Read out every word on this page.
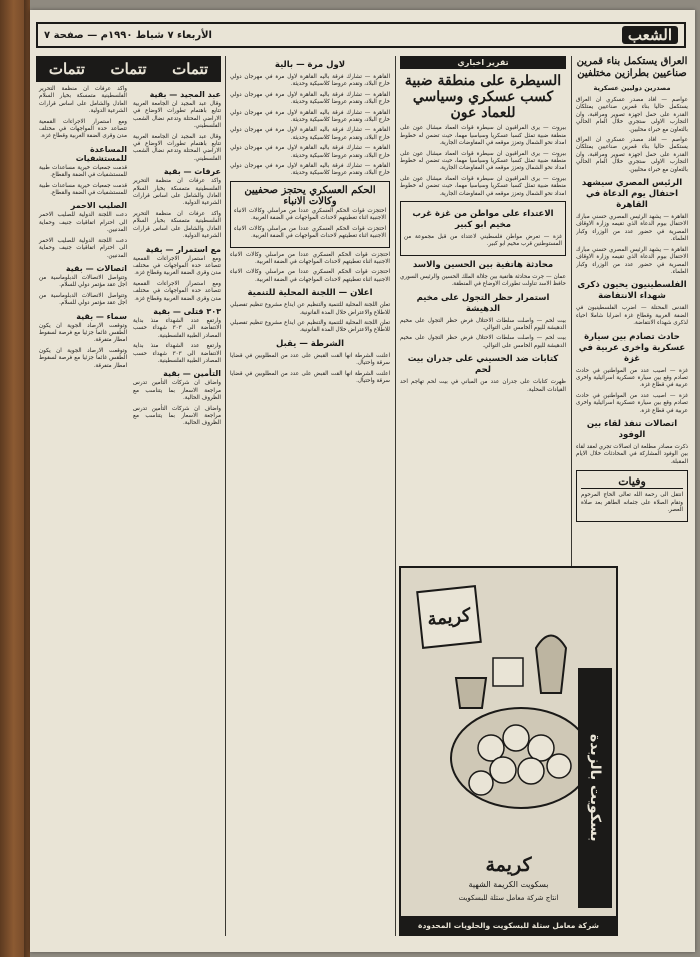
الشعب
الأربعاء ٧ شباط ١٩٩٠م — صفحة ٧
العراق يستكمل بناء قمرين صناعيين بطرازين مختلفين
مصدرين دوليين عسكرية

عواصم — افاد مصدر عسكري ان العراق يستكمل حاليا بناء قمرين صناعيين يمتلكان القدرة على حمل اجهزة تصوير ومراقبة، وان التجارب الاولى ستجري خلال العام الحالي بالتعاون مع خبراء محليين.

عواصم — افاد مصدر عسكري ان العراق يستكمل حاليا بناء قمرين صناعيين يمتلكان القدرة على حمل اجهزة تصوير ومراقبة، وان التجارب الاولى ستجري خلال العام الحالي بالتعاون مع خبراء محليين.

الرئيس المصري سيشهد احتفال يوم الدعاة في القاهرة

القاهرة — يشهد الرئيس المصري حسني مبارك الاحتفال بيوم الدعاة الذي تقيمه وزارة الاوقاف المصرية في حضور عدد من الوزراء وكبار العلماء.

القاهرة — يشهد الرئيس المصري حسني مبارك الاحتفال بيوم الدعاة الذي تقيمه وزارة الاوقاف المصرية في حضور عدد من الوزراء وكبار العلماء.

الفلسطينيون يحيون ذكرى شهداء الانتفاضة

القدس المحتلة — اضرب الفلسطينيون في الضفة الغربية وقطاع غزة اضرابا شاملا احياء لذكرى شهداء الانتفاضة.

حادث تصادم بين سيارة عسكرية واخرى عربية في غزة

غزة — اصيب عدد من المواطنين في حادث تصادم وقع بين سيارة عسكرية اسرائيلية واخرى عربية في قطاع غزة.

غزة — اصيب عدد من المواطنين في حادث تصادم وقع بين سيارة عسكرية اسرائيلية واخرى عربية في قطاع غزة.

اتصالات تنفذ لقاء بين الوفود

ذكرت مصادر مطلعة ان اتصالات تجري لعقد لقاء بين الوفود المشاركة في المحادثات خلال الايام المقبلة.

وفيات

انتقل الى رحمة الله تعالى الحاج المرحوم وتقام الصلاة على جثمانه الطاهر بعد صلاة العصر.

تقرير اخباري
السيطرة على منطقة ضبية كسب عسكري وسياسي للعماد عون

بيروت — يرى المراقبون ان سيطرة قوات العماد ميشال عون على منطقة ضبية تمثل كسبا عسكريا وسياسيا مهما، حيث تضمن له خطوط امداد نحو الشمال وتعزز موقعه في المفاوضات الجارية.

بيروت — يرى المراقبون ان سيطرة قوات العماد ميشال عون على منطقة ضبية تمثل كسبا عسكريا وسياسيا مهما، حيث تضمن له خطوط امداد نحو الشمال وتعزز موقعه في المفاوضات الجارية.

بيروت — يرى المراقبون ان سيطرة قوات العماد ميشال عون على منطقة ضبية تمثل كسبا عسكريا وسياسيا مهما، حيث تضمن له خطوط امداد نحو الشمال وتعزز موقعه في المفاوضات الجارية.

الاعتداء على مواطن من غزة غرب مخيم ابو كبير

غزة — تعرض مواطن فلسطيني لاعتداء من قبل مجموعة من المستوطنين قرب مخيم ابو كبير.

محادثة هاتفية بين الحسين والاسد

عمان — جرت محادثة هاتفية بين جلالة الملك الحسين والرئيس السوري حافظ الاسد تناولت تطورات الاوضاع في المنطقة.

استمرار حظر التجول على مخيم الدهيشة

بيت لحم — واصلت سلطات الاحتلال فرض حظر التجول على مخيم الدهيشة لليوم الخامس على التوالي.

بيت لحم — واصلت سلطات الاحتلال فرض حظر التجول على مخيم الدهيشة لليوم الخامس على التوالي.

كتابات ضد الحسيني على جدران بيت لحم

ظهرت كتابات على جدران عدد من المباني في بيت لحم تهاجم احد القيادات المحلية.

لاول مرة — بالية

القاهرة — تشارك فرقة باليه القاهرة لاول مرة في مهرجان دولي خارج البلاد، وتقدم عروضا كلاسيكية وحديثة.

القاهرة — تشارك فرقة باليه القاهرة لاول مرة في مهرجان دولي خارج البلاد، وتقدم عروضا كلاسيكية وحديثة.

القاهرة — تشارك فرقة باليه القاهرة لاول مرة في مهرجان دولي خارج البلاد، وتقدم عروضا كلاسيكية وحديثة.

القاهرة — تشارك فرقة باليه القاهرة لاول مرة في مهرجان دولي خارج البلاد، وتقدم عروضا كلاسيكية وحديثة.

القاهرة — تشارك فرقة باليه القاهرة لاول مرة في مهرجان دولي خارج البلاد، وتقدم عروضا كلاسيكية وحديثة.

القاهرة — تشارك فرقة باليه القاهرة لاول مرة في مهرجان دولي خارج البلاد، وتقدم عروضا كلاسيكية وحديثة.

الحكم العسكري يحتجز صحفيين وكالات الانباء

احتجزت قوات الحكم العسكري عددا من مراسلي وكالات الانباء الاجنبية اثناء تغطيتهم لاحداث المواجهات في الضفة الغربية.

احتجزت قوات الحكم العسكري عددا من مراسلي وكالات الانباء الاجنبية اثناء تغطيتهم لاحداث المواجهات في الضفة الغربية.

احتجزت قوات الحكم العسكري عددا من مراسلي وكالات الانباء الاجنبية اثناء تغطيتهم لاحداث المواجهات في الضفة الغربية.

احتجزت قوات الحكم العسكري عددا من مراسلي وكالات الانباء الاجنبية اثناء تغطيتهم لاحداث المواجهات في الضفة الغربية.

اعلان — اللجنة المحلية للتنمية

تعلن اللجنة المحلية للتنمية والتنظيم عن ايداع مشروع تنظيم تفصيلي للاطلاع والاعتراض خلال المدة القانونية.

تعلن اللجنة المحلية للتنمية والتنظيم عن ايداع مشروع تنظيم تفصيلي للاطلاع والاعتراض خلال المدة القانونية.

الشرطة — يقبل

اعلنت الشرطة انها القت القبض على عدد من المطلوبين في قضايا سرقة واحتيال.

اعلنت الشرطة انها القت القبض على عدد من المطلوبين في قضايا سرقة واحتيال.

تتمات
تتمات
تتمات
عبد المجيد — بقية

وقال عبد المجيد ان الجامعة العربية تتابع باهتمام تطورات الاوضاع في الاراضي المحتلة وتدعم نضال الشعب الفلسطيني.

وقال عبد المجيد ان الجامعة العربية تتابع باهتمام تطورات الاوضاع في الاراضي المحتلة وتدعم نضال الشعب الفلسطيني.

عرفات — بقية

واكد عرفات ان منظمة التحرير الفلسطينية متمسكة بخيار السلام العادل والشامل على اساس قرارات الشرعية الدولية.

واكد عرفات ان منظمة التحرير الفلسطينية متمسكة بخيار السلام العادل والشامل على اساس قرارات الشرعية الدولية.

مع استمرار — بقية

ومع استمرار الاجراءات القمعية تتصاعد حدة المواجهات في مختلف مدن وقرى الضفة الغربية وقطاع غزة.

ومع استمرار الاجراءات القمعية تتصاعد حدة المواجهات في مختلف مدن وقرى الضفة الغربية وقطاع غزة.

٣٠٣ قتلى — بقية

وارتفع عدد الشهداء منذ بداية الانتفاضة الى ٣٠٣ شهداء حسب المصادر الطبية الفلسطينية.

وارتفع عدد الشهداء منذ بداية الانتفاضة الى ٣٠٣ شهداء حسب المصادر الطبية الفلسطينية.

التأمين — بقية

واضاف ان شركات التأمين تدرس مراجعة الاسعار بما يتناسب مع الظروف الحالية.

واضاف ان شركات التأمين تدرس مراجعة الاسعار بما يتناسب مع الظروف الحالية.

واكد عرفات ان منظمة التحرير الفلسطينية متمسكة بخيار السلام العادل والشامل على اساس قرارات الشرعية الدولية.

ومع استمرار الاجراءات القمعية تتصاعد حدة المواجهات في مختلف مدن وقرى الضفة الغربية وقطاع غزة.

المساعدة للمستشفيات

قدمت جمعيات خيرية مساعدات طبية للمستشفيات في الضفة والقطاع.

قدمت جمعيات خيرية مساعدات طبية للمستشفيات في الضفة والقطاع.

الصليب الاحمر

دعت اللجنة الدولية للصليب الاحمر الى احترام اتفاقيات جنيف وحماية المدنيين.

دعت اللجنة الدولية للصليب الاحمر الى احترام اتفاقيات جنيف وحماية المدنيين.

اتصالات — بقية

وتتواصل الاتصالات الدبلوماسية من اجل عقد مؤتمر دولي للسلام.

وتتواصل الاتصالات الدبلوماسية من اجل عقد مؤتمر دولي للسلام.

سماء — بقية

وتوقعت الارصاد الجوية ان يكون الطقس غائما جزئيا مع فرصة لسقوط امطار متفرقة.

وتوقعت الارصاد الجوية ان يكون الطقس غائما جزئيا مع فرصة لسقوط امطار متفرقة.

كريمة
بسكويت بالزبدة
كريمة
بسكويت الكريمة الشهية
انتاج شركة معامل ستلة للبسكويت
شركة معامل ستلة للبسكويت والحلويات المحدودة
